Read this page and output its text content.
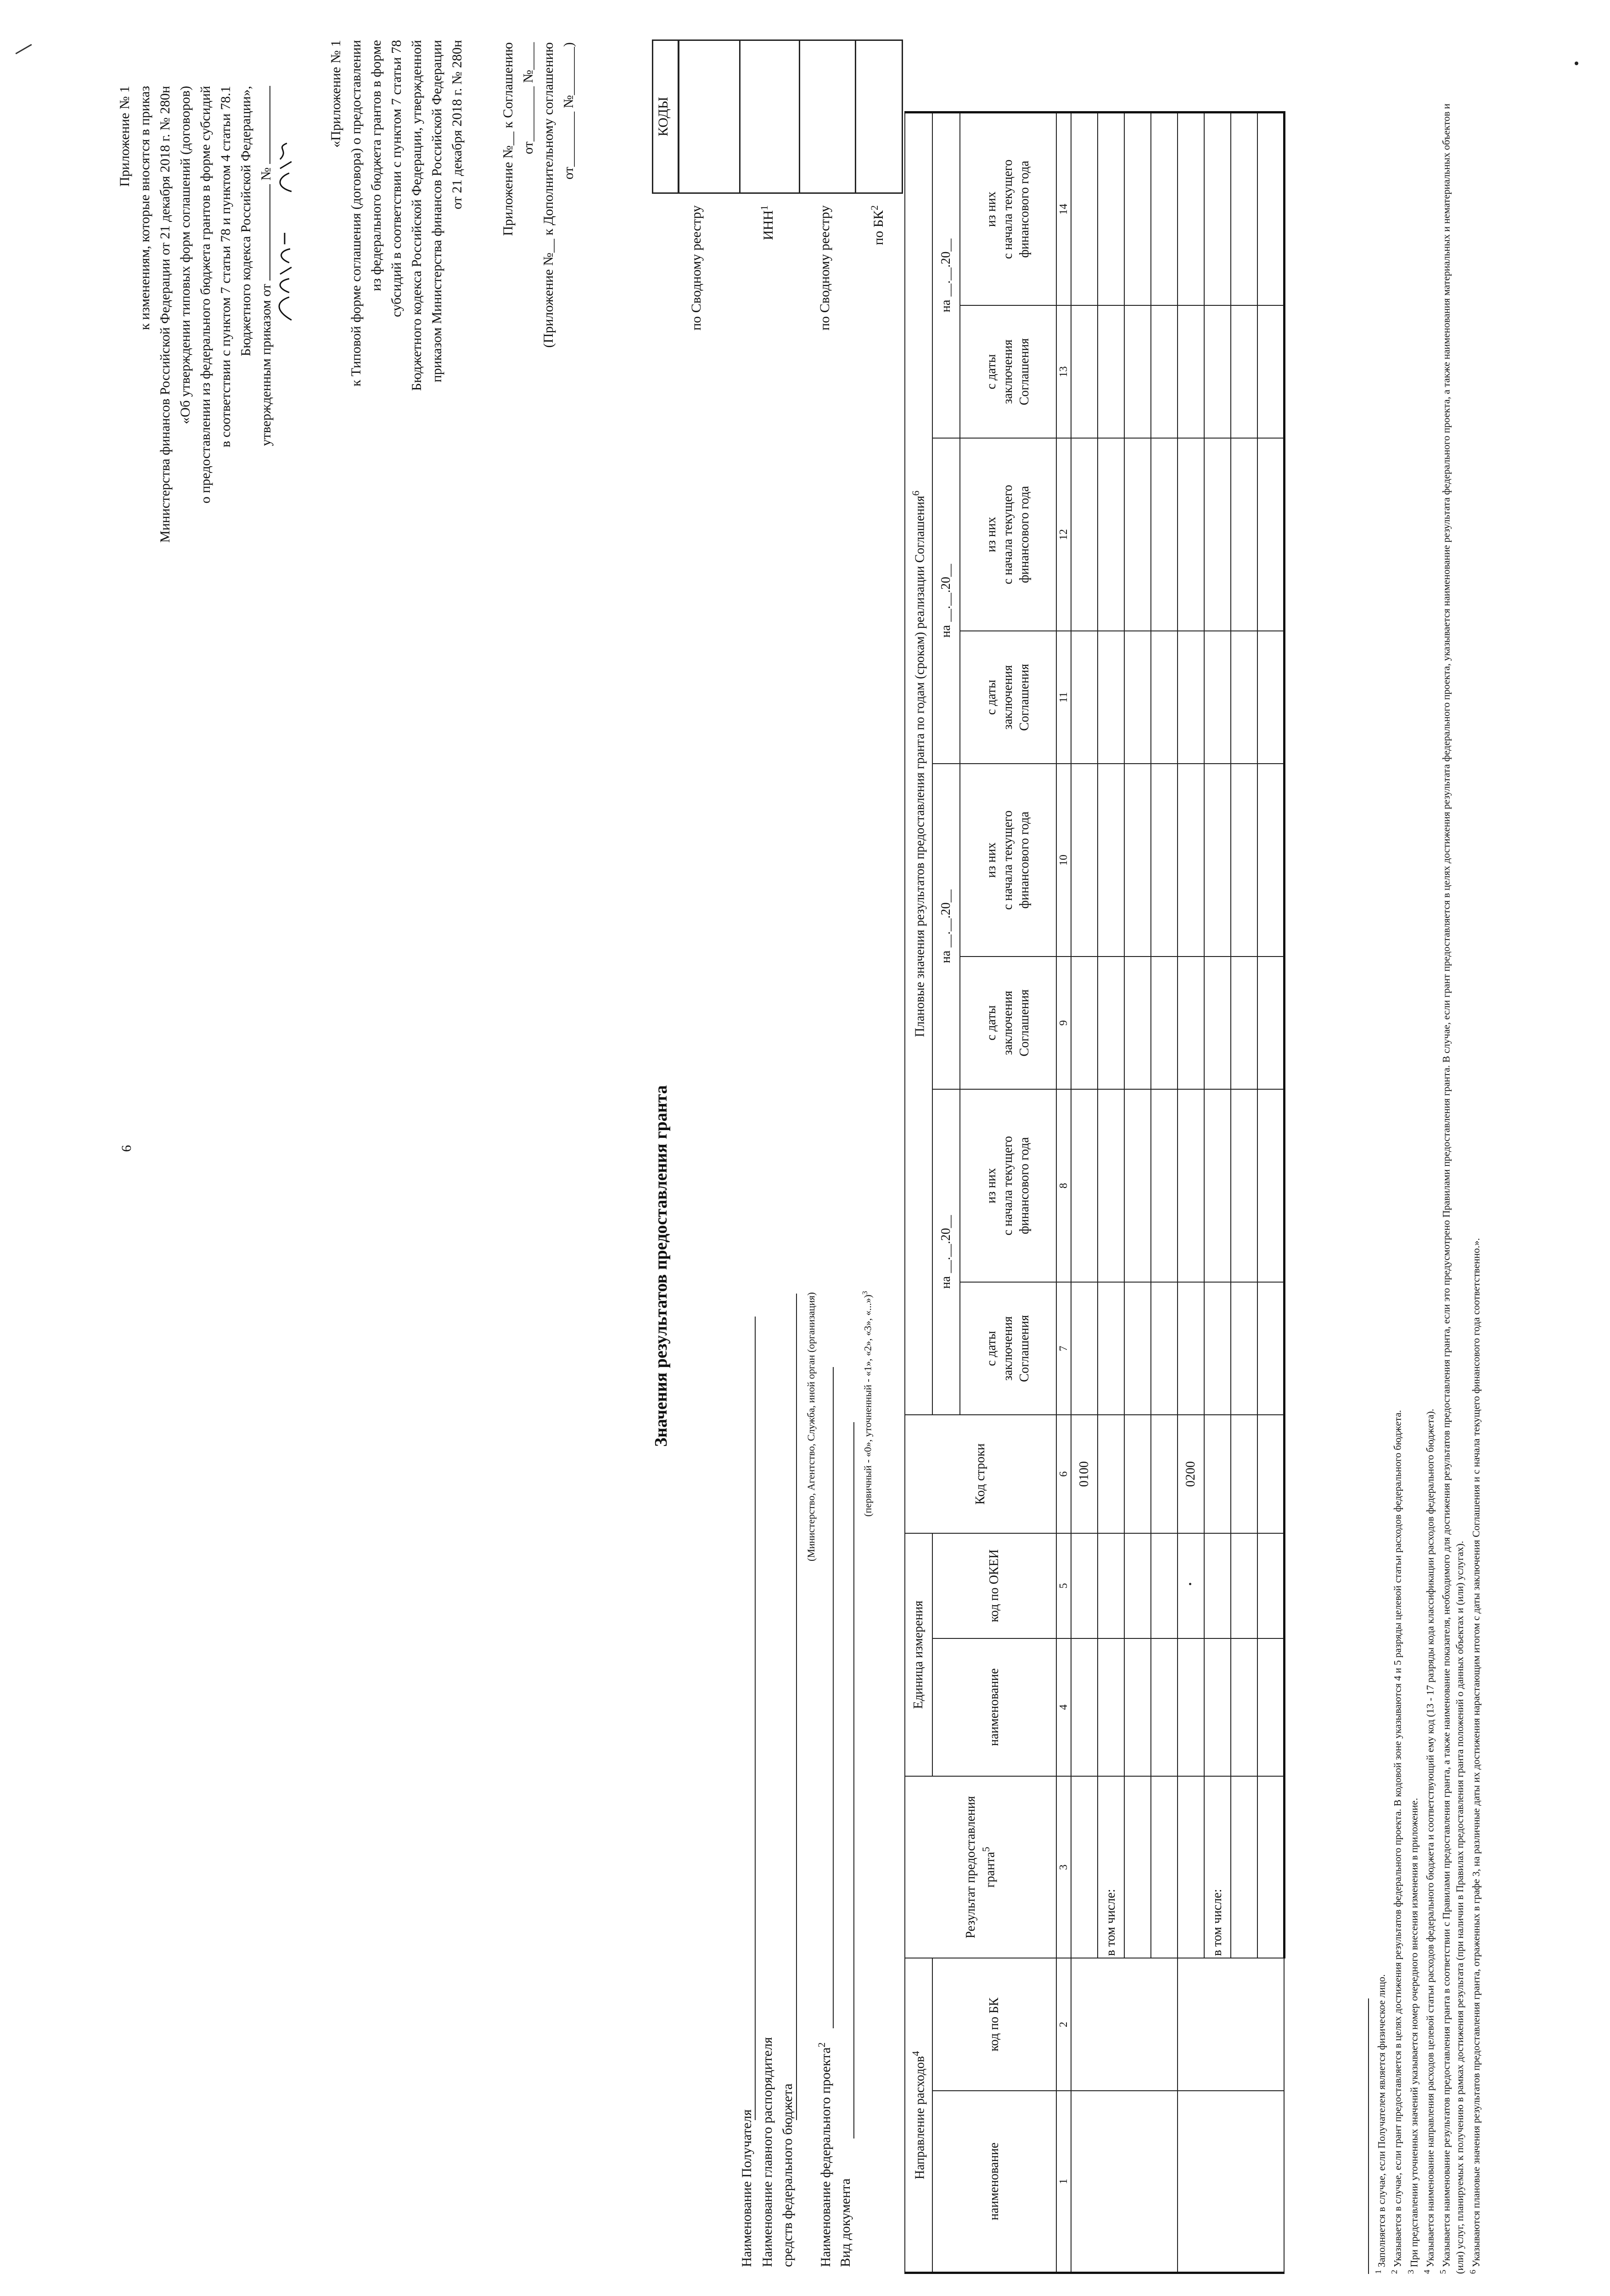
6
Приложение № 1 к изменениям, которые вносятся в приказ Министерства финансов Российской Федерации от 21 декабря 2018 г. № 280н «Об утверждении типовых форм соглашений (договоров) о предоставлении из федерального бюджета грантов в форме субсидий в соответствии с пунктом 7 статьи 78 и пунктом 4 статьи 78.1 Бюджетного кодекса Российской Федерации»,
утвержденным приказом от  №
«Приложение № 1 к Типовой форме соглашения (договора) о предоставлении из федерального бюджета грантов в форме субсидий в соответствии с пунктом 7 статьи 78 Бюджетного кодекса Российской Федерации, утвержденной приказом Министерства финансов Российской Федерации от 21 декабря 2018 г. № 280н	Приложение №__ к Соглашению от________ №____ (Приложение №__ к Дополнительному соглашению от________ №_______)	КОДЫ
по Сводному реестру	ИНН$^1$	по Сводному реестру	по $БК^2$
Значения результатов предоставления гранта
Наименование Получателя Наименование главного распорядителя средств федерального бюджета Наименование федерального проекта$^2$
(Министерство, Агентство, Служба, иной орган (организация)
Вид документа
(первичный - «0», уточненный - «1», «2», «3», «...»)$^3$
Направление расходов$^4$		Результат предоставления гранта$^5$	Единица измерения		Код строки	Плановые значения результатов предоставления гранта по годам (срокам) реализации Соглашения$^6$
наименование	код по БК		наименование	код по ОКЕИ		на __.__.20__		на __.__.20__		на __.__.20__		на __.__.20__	
						с даты
заключения
Соглашения	из них
с начала текущего
финансового года	с даты
заключения
Соглашения	из них
с начала текущего
финансового года	с даты
заключения
Соглашения	из них
с начала текущего
финансового года	с даты
заключения
Соглашения	из них
с начала текущего
финансового года
1	2	3	4	5	6	7	8	9	10	11	12	13	14
					0100								
		в том числе:											

					0200								
		в том числе:											

$^1$ Заполняется в случае, если Получателем является физическое лицо.
$^2$ Указывается в случае, если грант предоставляется в целях достижения результатов федерального проекта. В кодовой зоне указываются 4 и 5 разряды целевой статьи расходов федерального бюджета.
$^3$ При представлении уточненных значений указывается номер очередного внесения изменения в приложение.
$^4$ Указывается наименование направления расходов целевой статьи расходов федерального бюджета и соответствующий ему код (13 - 17 разряды кода классификации расходов федерального бюджета).
$^5$ Указывается наименование результатов предоставления гранта в соответствии с Правилами предоставления гранта, а также наименование показателя, необходимого для достижения результатов предоставления гранта, если это предусмотрено Правилами предоставления гранта. В случае, если грант предоставляется в целях достижения результата федерального проекта, указывается наименование результата федерального проекта, а также наименования материальных и нематериальных объектов и (или) услуг, планируемых к получению в рамках достижения результата (при наличии в Правилах предоставления гранта положений о данных объектах и (или) услугах). $^6$ Указываются плановые значения результатов предоставления гранта, отраженных в графе 3, на различные даты их достижения нарастающим итогом с даты заключения Соглашения и с начала текущего финансового года соответственно.».
